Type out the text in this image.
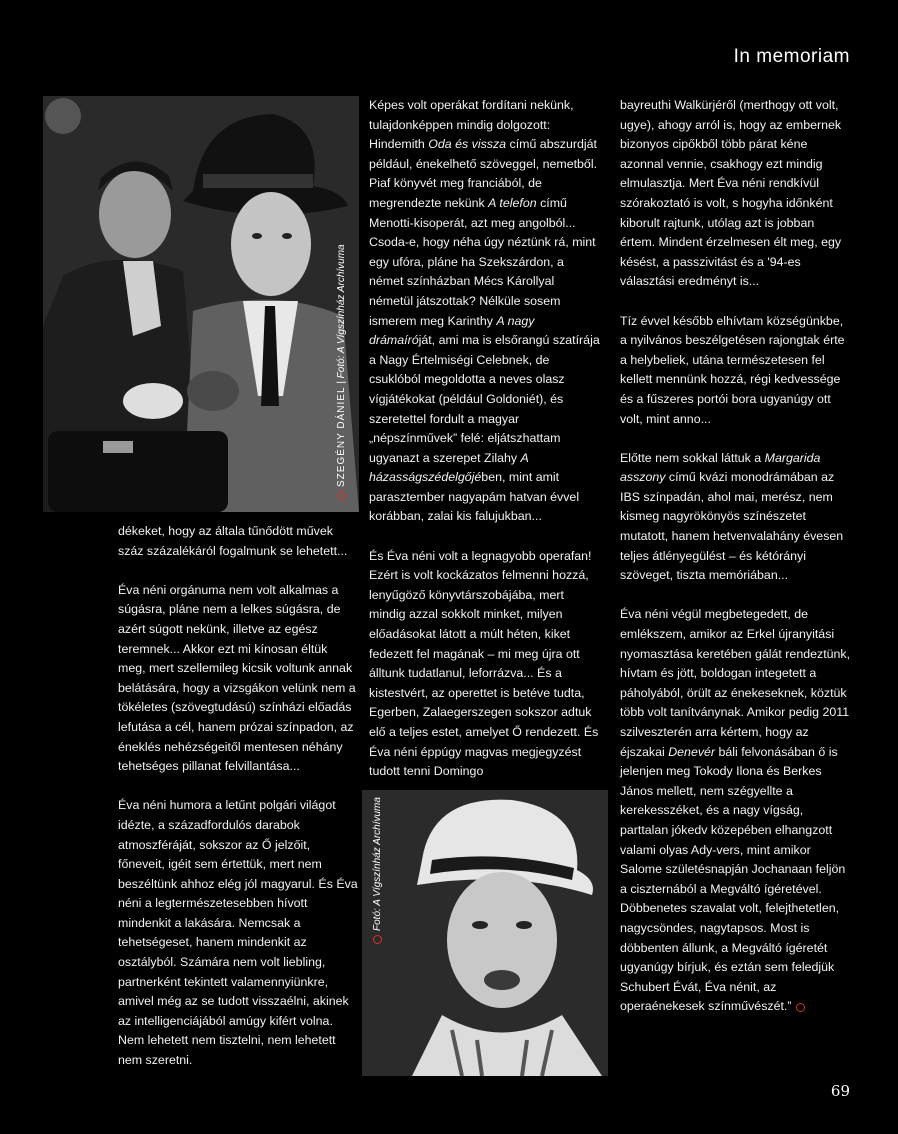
In memoriam
SZEGÉNY DÁNIEL | Fotó: A Vígszínház Archívuma
Fotó: A Vígszínház Archívuma

dékeket, hogy az általa tűnődött művek száz százalékáról fogalmunk se lehetett...

Éva néni orgánuma nem volt alkalmas a súgásra, pláne nem a lelkes súgásra, de azért súgott nekünk, illetve az egész teremnek... Akkor ezt mi kínosan éltük meg, mert szellemileg kicsik voltunk annak belátására, hogy a vizsgákon velünk nem a tökéletes (szövegtudású) színházi előadás lefutása a cél, hanem prózai színpadon, az éneklés nehézségeitől mentesen néhány tehetséges pillanat felvillantása...

Éva néni humora a letűnt polgári világot idézte, a századfordulós darabok atmoszféráját, sokszor az Ő jelzőit, főneveit, igéit sem értettük, mert nem beszéltünk ahhoz elég jól magyarul. És Éva néni a legtermészetesebben hívott mindenkit a lakására. Nemcsak a tehetségeset, hanem mindenkit az osztályból. Számára nem volt liebling, partnerként tekintett valamennyiünkre, amivel még az se tudott visszaélni, akinek az intelligenciájából amúgy kifért volna. Nem lehetett nem tisztelni, nem lehetett nem szeretni.

Képes volt operákat fordítani nekünk, tulajdonképpen mindig dolgozott: Hindemith Oda és vissza című abszurdját például, énekelhető szöveggel, nemetből. Piaf könyvét meg franciából, de megrendezte nekünk A telefon című Menotti-kisoperát, azt meg angolból... Csoda-e, hogy néha úgy néztünk rá, mint egy ufóra, pláne ha Szekszárdon, a német színházban Mécs Károllyal németül játszottak? Nélküle sosem ismerem meg Karinthy A nagy drámaíróját, ami ma is elsőrangú szatírája a Nagy Értelmiségi Celebnek, de csuklóból megoldotta a neves olasz vígjátékokat (például Goldoniét), és szeretettel fordult a magyar „népszínművek” felé: eljátszhattam ugyanazt a szerepet Zilahy A házasságszédelgőjében, mint amit parasztember nagyapám hatvan évvel korábban, zalai kis falujukban...

És Éva néni volt a legnagyobb operafan! Ezért is volt kockázatos felmenni hozzá, lenyűgöző könyvtárszobájába, mert mindig azzal sokkolt minket, milyen előadásokat látott a múlt héten, kiket fedezett fel magának – mi meg újra ott álltunk tudatlanul, leforrázva... És a kistestvért, az operettet is betéve tudta, Egerben, Zalaegerszegen sokszor adtuk elő a teljes estet, amelyet Ő rendezett. És Éva néni éppúgy magvas megjegyzést tudott tenni Domingo

bayreuthi Walkürjéről (merthogy ott volt, ugye), ahogy arról is, hogy az embernek bizonyos cipőkből több párat kéne azonnal vennie, csakhogy ezt mindig elmulasztja. Mert Éva néni rendkívül szórakoztató is volt, s hogyha időnként kiborult rajtunk, utólag azt is jobban értem. Mindent érzelmesen élt meg, egy késést, a passzivitást és a '94-es választási eredményt is...

Tíz évvel később elhívtam községünkbe, a nyilvános beszélgetésen rajongtak érte a helybeliek, utána természetesen fel kellett mennünk hozzá, régi kedvessége és a fűszeres portói bora ugyanúgy ott volt, mint anno...

Előtte nem sokkal láttuk a Margarida asszony című kvázi monodrámában az IBS színpadán, ahol mai, merész, nem kismeg nagyrökönyös színészetet mutatott, hanem hetvenvalahány évesen teljes átlényegülést – és kétórányi szöveget, tiszta memóriában...

Éva néni végül megbetegedett, de emlékszem, amikor az Erkel újranyitási nyomasztása keretében gálát rendeztünk, hívtam és jött, boldogan integetett a páholyából, örült az énekeseknek, köztük több volt tanítványnak. Amikor pedig 2011 szilveszterén arra kértem, hogy az éjszakai Denevér báli felvonásában ő is jelenjen meg Tokody Ilona és Berkes János mellett, nem szégyellte a kerekesszéket, és a nagy vígság, parttalan jókedv közepében elhangzott valami olyas Ady-vers, mint amikor Salome születésnapján Jochanaan feljön a ciszternából a Megváltó ígéretével. Döbbenetes szavalat volt, felejthetetlen, nagycsöndes, nagytapsos. Most is döbbenten állunk, a Megváltó ígéretét ugyanúgy bírjuk, és eztán sem feledjük Schubert Évát, Éva nénit, az operaénekesek színművészét.”

69
